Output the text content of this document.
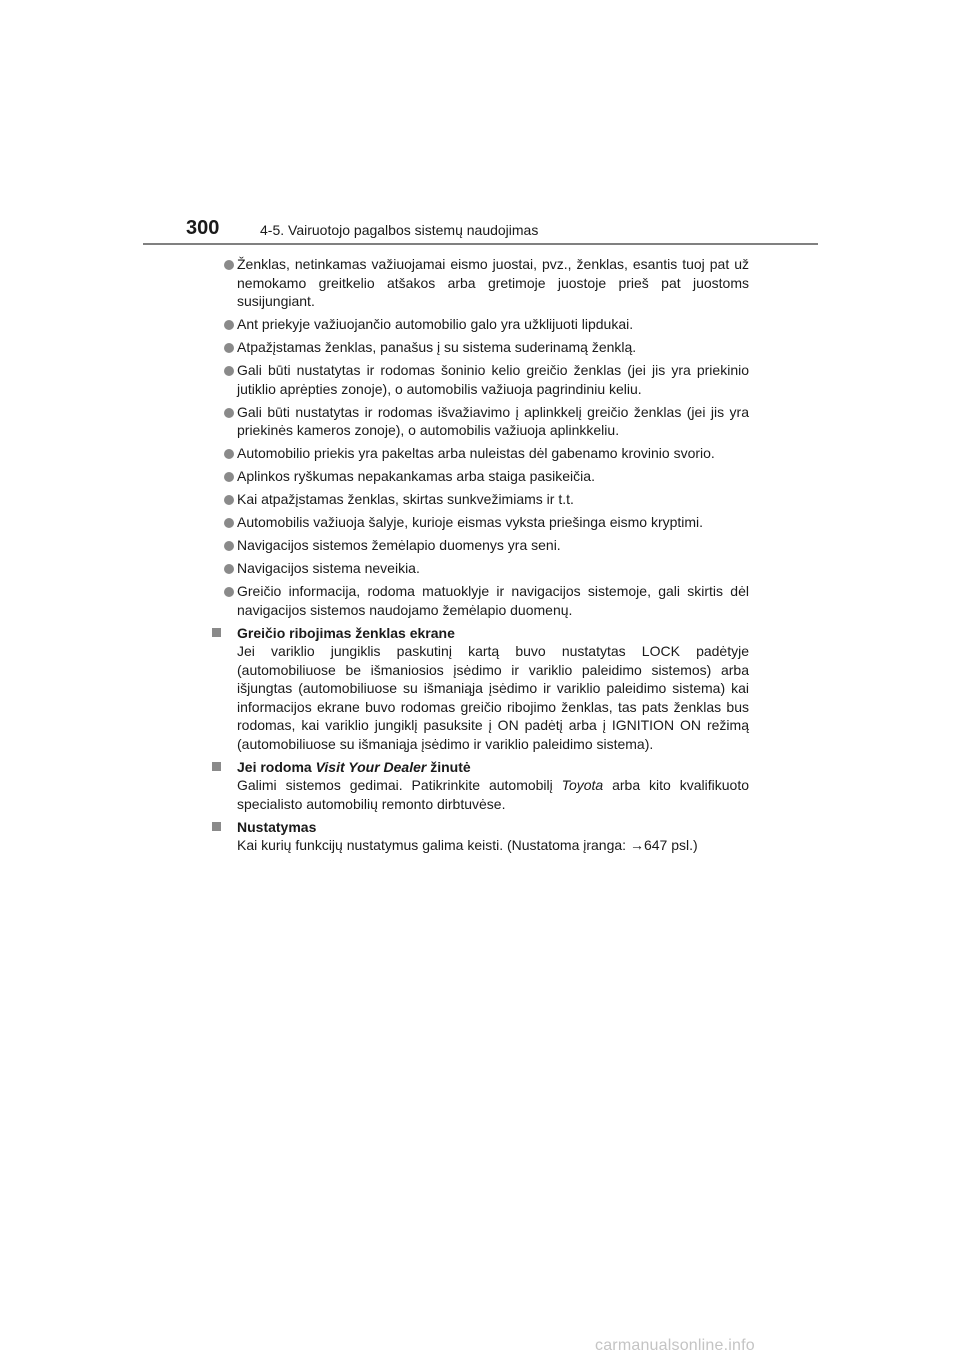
300	4-5. Vairuotojo pagalbos sistemų naudojimas
Ženklas, netinkamas važiuojamai eismo juostai, pvz., ženklas, esantis tuoj pat už nemokamo greitkelio atšakos arba gretimoje juostoje prieš pat juostoms susijungiant.
Ant priekyje važiuojančio automobilio galo yra užklijuoti lipdukai.
Atpažįstamas ženklas, panašus į su sistema suderinamą ženklą.
Gali būti nustatytas ir rodomas šoninio kelio greičio ženklas (jei jis yra priekinio jutiklio aprėpties zonoje), o automobilis važiuoja pagrindiniu keliu.
Gali būti nustatytas ir rodomas išvažiavimo į aplinkkelį greičio ženklas (jei jis yra priekinės kameros zonoje), o automobilis važiuoja aplinkkeliu.
Automobilio priekis yra pakeltas arba nuleistas dėl gabenamo krovinio svorio.
Aplinkos ryškumas nepakankamas arba staiga pasikeičia.
Kai atpažįstamas ženklas, skirtas sunkvežimiams ir t.t.
Automobilis važiuoja šalyje, kurioje eismas vyksta priešinga eismo kryptimi.
Navigacijos sistemos žemėlapio duomenys yra seni.
Navigacijos sistema neveikia.
Greičio informacija, rodoma matuoklyje ir navigacijos sistemoje, gali skirtis dėl navigacijos sistemos naudojamo žemėlapio duomenų.
Greičio ribojimas ženklas ekrane
Jei variklio jungiklis paskutinį kartą buvo nustatytas LOCK padėtyje (automobiliuose be išmaniosios įsėdimo ir variklio paleidimo sistemos) arba išjungtas (automobiliuose su išmaniąja įsėdimo ir variklio paleidimo sistema) kai informacijos ekrane buvo rodomas greičio ribojimo ženklas, tas pats ženklas bus rodomas, kai variklio jungiklį pasuksite į ON padėtį arba į IGNITION ON režimą (automobiliuose su išmaniąja įsėdimo ir variklio paleidimo sistema).
Jei rodoma Visit Your Dealer žinutė
Galimi sistemos gedimai. Patikrinkite automobilį Toyota arba kito kvalifikuoto specialisto automobilių remonto dirbtuvėse.
Nustatymas
Kai kurių funkcijų nustatymus galima keisti. (Nustatoma įranga: →647 psl.)
carmanualsonline.info
